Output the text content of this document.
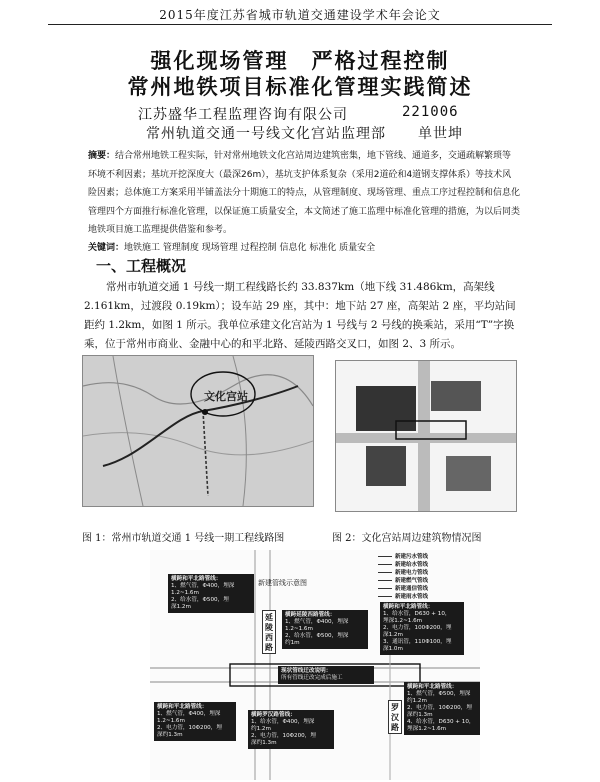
2015年度江苏省城市轨道交通建设学术年会论文
强化现场管理　严格过程控制
常州地铁项目标准化管理实践简述
江苏盛华工程监理咨询有限公司	221006
常州轨道交通一号线文化宫站监理部 单世坤
摘要：结合常州地铁工程实际，针对常州地铁文化宫站周边建筑密集，地下管线、通道多，交通疏解繁琐等环境不利因素；基坑开挖深度大（最深26m），基坑支护体系复杂（采用2道砼和4道钢支撑体系）等技术风险因素；总体施工方案采用半铺盖法分十期施工的特点，从管理制度、现场管理、重点工序过程控制和信息化管理四个方面推行标准化管理，以保证施工质量安全，本文简述了施工监理中标准化管理的措施，为以后同类地铁项目施工监理提供借鉴和参考。
关键词：地铁施工 管理制度 现场管理 过程控制 信息化 标准化 质量安全
一、工程概况
常州市轨道交通 1 号线一期工程线路长约 33.837km（地下线 31.486km，高架线 2.161km，过渡段 0.19km）；设车站 29 座，其中：地下站 27 座，高架站 2 座，平均站间距约 1.2km，如图 1 所示。我单位承建文化宫站为 1 号线与 2 号线的换乘站，采用“T”字换乘，位于常州市商业、金融中心的和平北路、延陵西路交叉口，如图 2、3 所示。
文化宫站
图 1：常州市轨道交通 1 号线一期工程线路图	图 2：文化宫站周边建筑物情况图
新建管线示意图
延陵西路
罗汉路
新建污水管线
新建给水管线
新建电力管线
新建燃气管线
新建通信管线
新建雨水管线
横跨和平北路管线：
1、燃气管，Φ400，埋深
1.2~1.6m
2、给水管，Φ500，埋
深1.2m	横跨和平北路管线：
1、给水管，D630 + 10，
埋深1.2~1.6m
2、电力管，100Φ200，埋
深1.2m
3、通讯管，110Φ100，埋
深1.0m
横跨延陵西路管线：
1、燃气管，Φ400，埋深
1.2~1.6m
2、给水管，Φ500，埋深
约1m
现状管线迁改说明：
所有管线迁改完成后施工
横跨和平北路管线：
1、燃气管，Φ400，埋深
1.2~1.6m
2、电力管，10Φ200，埋
深约1.3m
横跨罗汉路管线：
1、给水管，Φ400，埋深
约1.2m
2、电力管，10Φ200，埋
深约1.3m
横跨和平北路管线：
1、燃气管，Φ500，埋深
约1.2m
2、电力管，10Φ200，埋
深约1.3m
4、给水管，D630 + 10，
埋深1.2~1.6m
